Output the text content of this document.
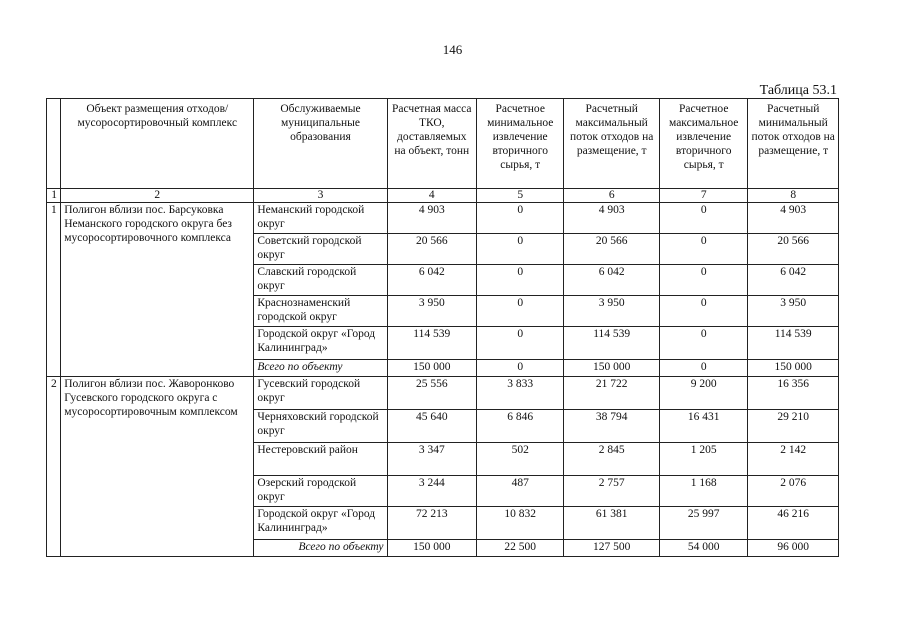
146
Таблица 53.1
	Объект размещения отходов/ мусоросортировочный комплекс	Обслуживаемые муниципальные образования	Расчетная масса ТКО, доставляемых на объект, тонн	Расчетное минимальное извлечение вторичного сырья, т	Расчетный максимальный поток отходов на размещение, т	Расчетное максимальное извлечение вторичного сырья, т	Расчетный минимальный поток отходов на размещение, т
1	2	3	4	5	6	7	8
1	Полигон вблизи пос. Барсуковка Неманского городского округа без мусоросортировочного комплекса	Неманский городской округ	4 903	0	4 903	0	4 903
		Советский городской округ	20 566	0	20 566	0	20 566
		Славский городской округ	6 042	0	6 042	0	6 042
		Краснознаменский городской округ	3 950	0	3 950	0	3 950
		Городской округ «Город Калининград»	114 539	0	114 539	0	114 539
		Всего по объекту	150 000	0	150 000	0	150 000
2	Полигон вблизи пос. Жаворонково Гусевского городского округа с мусоросортировочным комплексом	Гусевский городской округ	25 556	3 833	21 722	9 200	16 356
		Черняховский городской округ	45 640	6 846	38 794	16 431	29 210
		Нестеровский район	3 347	502	2 845	1 205	2 142
		Озерский городской округ	3 244	487	2 757	1 168	2 076
		Городской округ «Город Калининград»	72 213	10 832	61 381	25 997	46 216
		Всего по объекту	150 000	22 500	127 500	54 000	96 000
